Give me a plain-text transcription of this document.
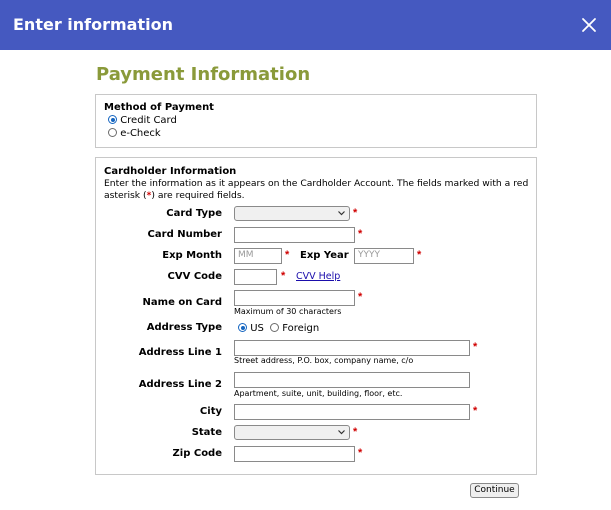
Enter information
Payment Information
Method of Payment
Credit Card
e-Check
Cardholder Information
Enter the information as it appears on the Cardholder Account. The fields marked with a red
asterisk (*) are required fields.
Card Type	*
Card Number	*
Exp Month	MM	* Exp Year	YYYY	*
CVV Code	* CVV Help
Name on Card	*
Maximum of 30 characters
Address Type	US	Foreign
Address Line 1	*
Street address, P.O. box, company name, c/o
Address Line 2
Apartment, suite, unit, building, floor, etc.
City	*
State	*
Zip Code	*
Continue
